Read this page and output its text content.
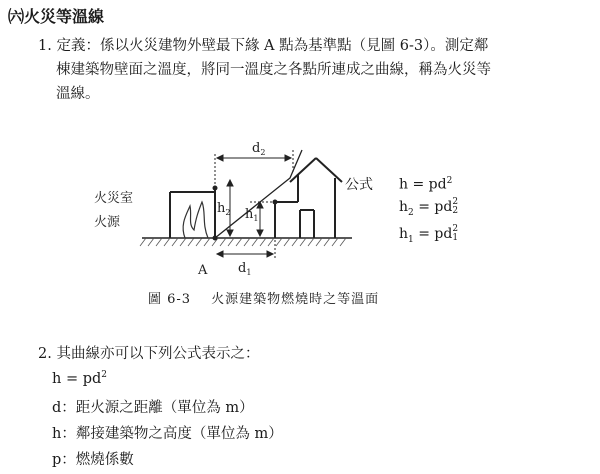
㈥火災等溫線
1. 定義：係以火災建物外壁最下緣 A 點為基準點（見圖 6-3）。測定鄰
棟建築物壁面之溫度，將同一溫度之各點所連成之曲線，稱為火災等
溫線。
火災室
火源
A $d_1$
$d_2$
$h_2$ $h_1$
公式 $h = pd^2$
$h_2$ = pd 2
2
$h_1$ = pd 2
1
圖 6-3 火源建築物燃燒時之等溫面
2. 其曲線亦可以下列公式表示之：
$h = pd^2$
d：距火源之距離（單位為 m）
h：鄰接建築物之高度（單位為 m）
p：燃燒係數
